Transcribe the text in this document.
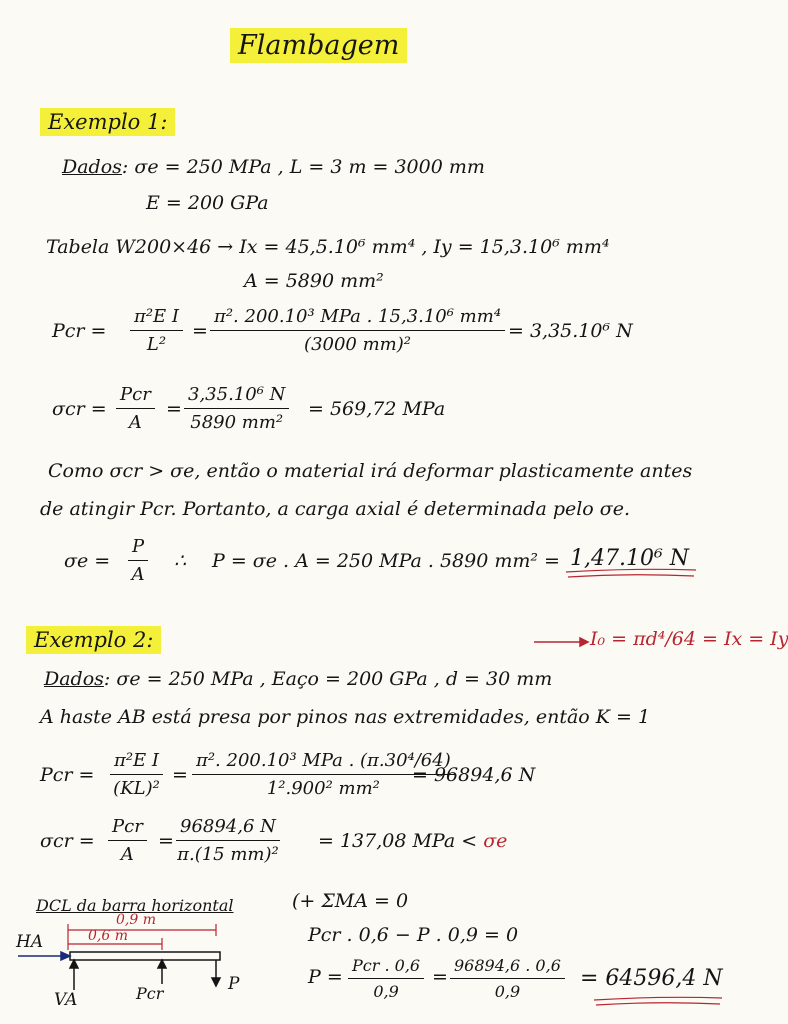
Flambagem
Exemplo 1:
Dados: σe = 250 MPa , L = 3 m = 3000 mm
E = 200 GPa
Tabela W200×46 → Ix = 45,5.10⁶ mm⁴ , Iy = 15,3.10⁶ mm⁴
A = 5890 mm²
Pcr = $\frac{\text{π²E I}}{\text{L²}}$ =
π². 200.10³ MPa . 15,3.10⁶ mm⁴
(3000 mm)²
= 3,35.10⁶ N
σcr =
Pcr
A
= $\frac{\text{3,35.10⁶ N}}{\text{5890 mm²}} = 569,72$ MPa
Como σcr > σe, então o material irá deformar plasticamente antes
de atingir Pcr. Portanto, a carga axial é determinada pelo σe.
$\sigma e = \frac{P}{A}$ ∴ P = σe . A = 250 MPa . 5890 mm² = 1,47.10⁶ N
Exemplo 2:	I₀ = πd⁴/64 = Ix = Iy
Dados: σe = 250 MPa , Eaço = 200 GPa , d = 30 mm
A haste AB está presa por pinos nas extremidades, então K = 1
Pcr = $\frac{\text{π²E I}}{\text{(KL)²}}$ =
π². 200.10³ MPa . (π.30⁴/64)
1².900² mm²
= 96894,6 N
σcr =
Pcr
A
= $\frac{96894,6 N}{\text{π.(15 mm)²}} = 137,08$ MPa < σe
DCL da barra horizontal
0,9 m
0,6 m
HA
VA	Pcr	P
(+ ΣMA = 0
Pcr . 0,6 − P . 0,9 = 0
P =
Pcr . 0,6
0,9
= $\frac{96894,6 . 0,6}{0,9} = 64596,4$ N
